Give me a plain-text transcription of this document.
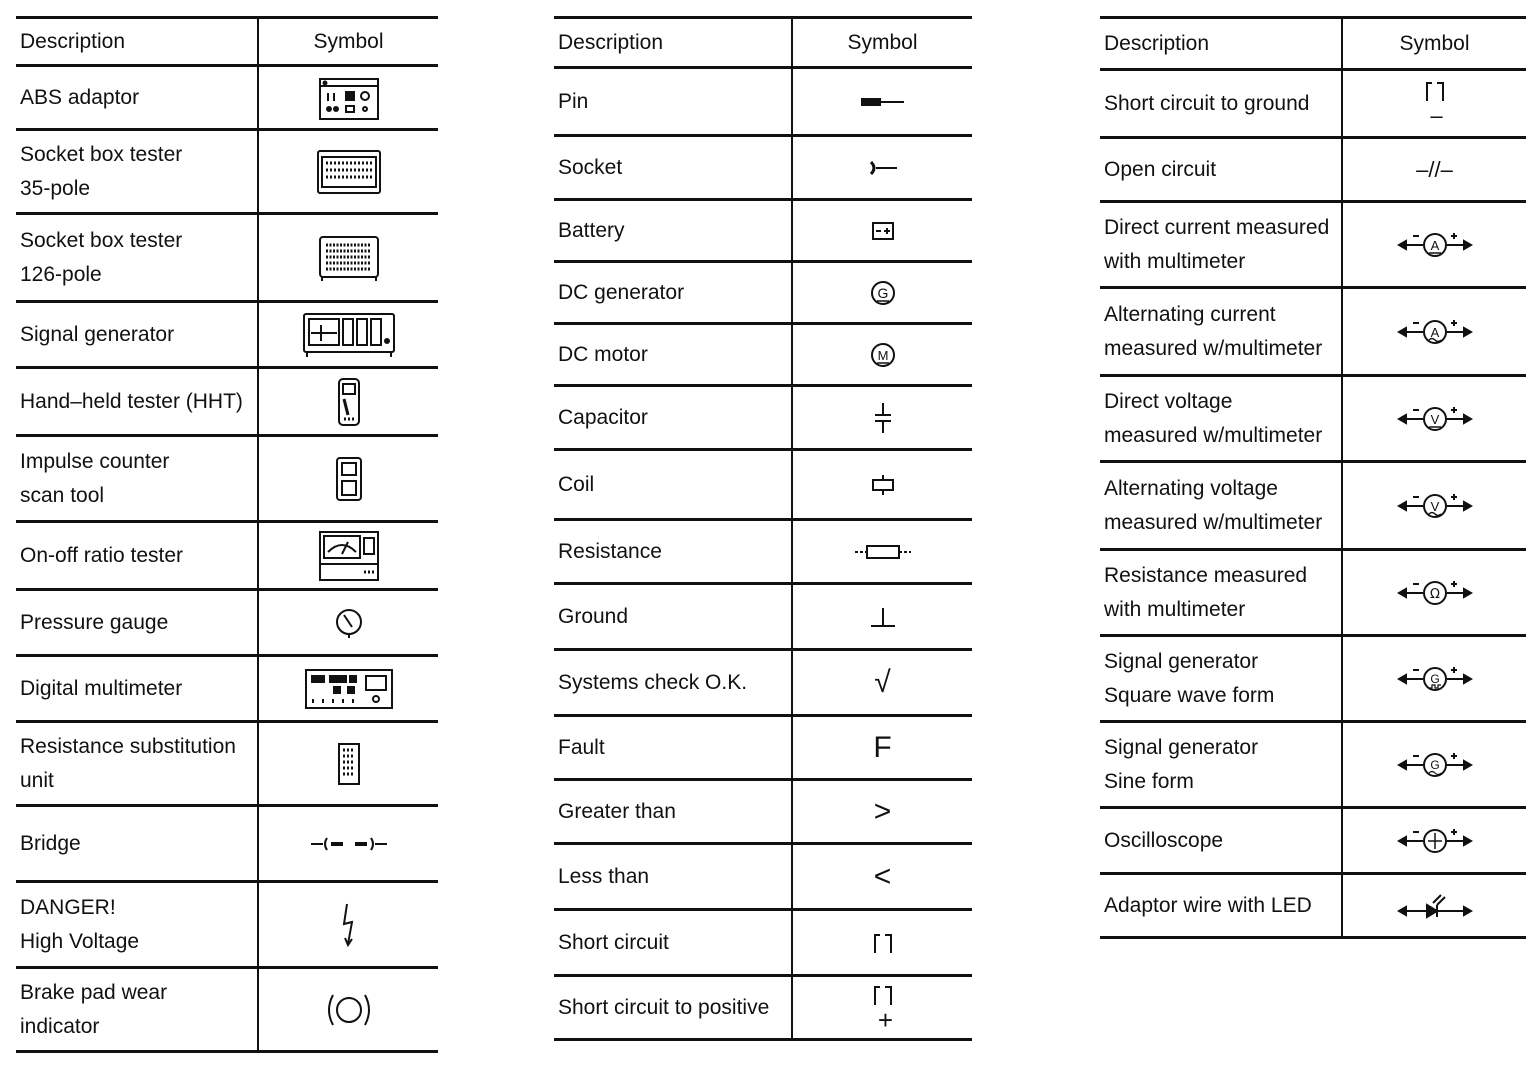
Description	Symbol
ABS adaptor	

Socket box tester
35-pole	

Socket box tester
126-pole	

Signal generator	

Hand–held tester (HHT)	

Impulse counter
scan tool	

On-off ratio tester	

Pressure gauge	

Digital multimeter	

Resistance substitution
unit	

Bridge	

DANGER!
High Voltage	

Brake pad wear
indicator	
Description	Symbol
Pin	

Socket	

Battery	

DC generator	G

DC motor	M

Capacitor	

Coil	

Resistance	

Ground	

Systems check O.K.	√
Fault	F
Greater than	>
Less than	<
Short circuit	

Short circuit to positive	+
Description	Symbol
Short circuit to ground	–
Open circuit	–//–
Direct current measured
with multimeter	A

Alternating current
measured w/multimeter	A

Direct voltage
measured w/multimeter	V

Alternating voltage
measured w/multimeter	V

Resistance measured
with multimeter	Ω

Signal generator
Square wave form	G

Signal generator
Sine form	G

Oscilloscope	

Adaptor wire with LED	
